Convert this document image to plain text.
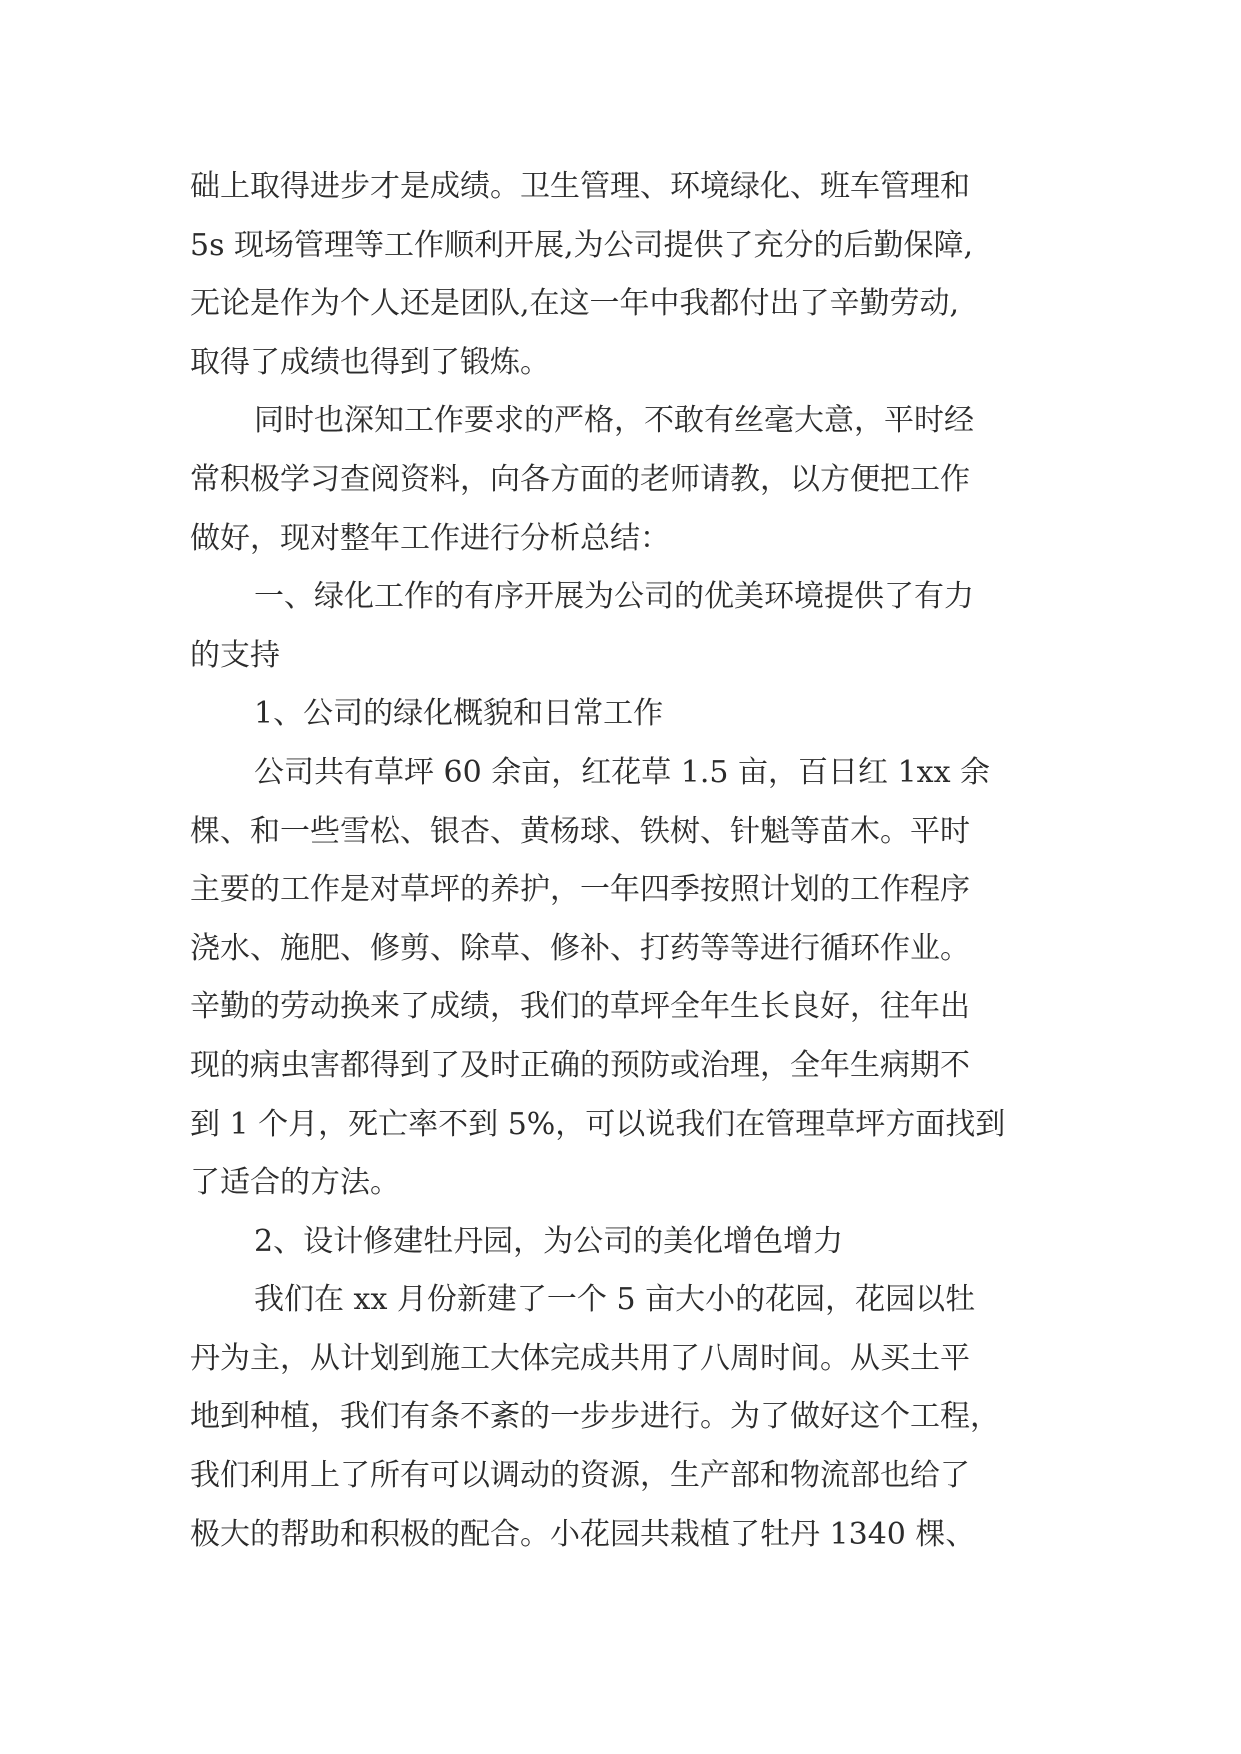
础上取得进步才是成绩。卫生管理、环境绿化、班车管理和
5s 现场管理等工作顺利开展,为公司提供了充分的后勤保障,
无论是作为个人还是团队,在这一年中我都付出了辛勤劳动,
取得了成绩也得到了锻炼。
同时也深知工作要求的严格，不敢有丝毫大意，平时经
常积极学习查阅资料，向各方面的老师请教，以方便把工作
做好，现对整年工作进行分析总结：
一、绿化工作的有序开展为公司的优美环境提供了有力
的支持
1、公司的绿化概貌和日常工作
公司共有草坪 60 余亩，红花草 1.5 亩，百日红 1xx 余
棵、和一些雪松、银杏、黄杨球、铁树、针魁等苗木。平时
主要的工作是对草坪的养护，一年四季按照计划的工作程序
浇水、施肥、修剪、除草、修补、打药等等进行循环作业。
辛勤的劳动换来了成绩，我们的草坪全年生长良好，往年出
现的病虫害都得到了及时正确的预防或治理，全年生病期不
到 1 个月，死亡率不到 5%，可以说我们在管理草坪方面找到
了适合的方法。
2、设计修建牡丹园，为公司的美化增色增力
我们在 xx 月份新建了一个 5 亩大小的花园，花园以牡
丹为主，从计划到施工大体完成共用了八周时间。从买土平
地到种植，我们有条不紊的一步步进行。为了做好这个工程，
我们利用上了所有可以调动的资源，生产部和物流部也给了
极大的帮助和积极的配合。小花园共栽植了牡丹 1340 棵、
